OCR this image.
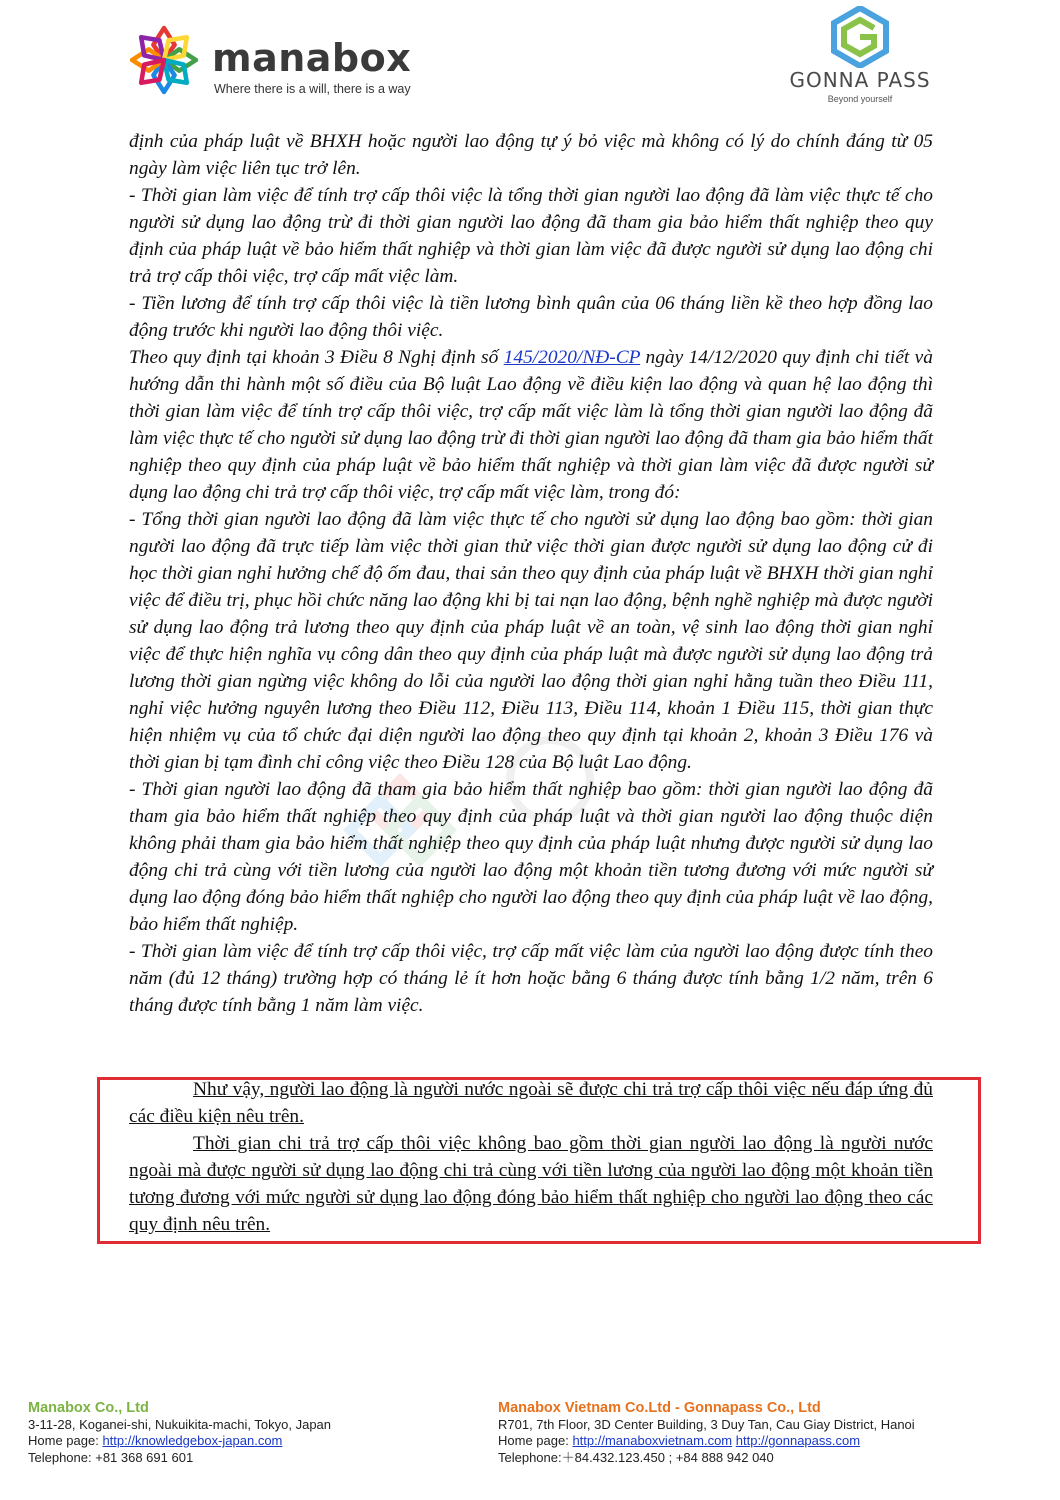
manabox
Where there is a will, there is a way	GONNA PASS
Beyond yourself

định của pháp luật về BHXH hoặc người lao động tự ý bỏ việc mà không có lý do chính đáng từ 05 ngày làm việc liên tục trở lên.

- Thời gian làm việc để tính trợ cấp thôi việc là tổng thời gian người lao động đã làm việc thực tế cho người sử dụng lao động trừ đi thời gian người lao động đã tham gia bảo hiểm thất nghiệp theo quy định của pháp luật về bảo hiểm thất nghiệp và thời gian làm việc đã được người sử dụng lao động chi trả trợ cấp thôi việc, trợ cấp mất việc làm.

- Tiền lương để tính trợ cấp thôi việc là tiền lương bình quân của 06 tháng liền kề theo hợp đồng lao động trước khi người lao động thôi việc.

Theo quy định tại khoản 3 Điều 8 Nghị định số 145/2020/NĐ-CP ngày 14/12/2020 quy định chi tiết và hướng dẫn thi hành một số điều của Bộ luật Lao động về điều kiện lao động và quan hệ lao động thì thời gian làm việc để tính trợ cấp thôi việc, trợ cấp mất việc làm là tổng thời gian người lao động đã làm việc thực tế cho người sử dụng lao động trừ đi thời gian người lao động đã tham gia bảo hiểm thất nghiệp theo quy định của pháp luật về bảo hiểm thất nghiệp và thời gian làm việc đã được người sử dụng lao động chi trả trợ cấp thôi việc, trợ cấp mất việc làm, trong đó:

- Tổng thời gian người lao động đã làm việc thực tế cho người sử dụng lao động bao gồm: thời gian người lao động đã trực tiếp làm việc thời gian thử việc thời gian được người sử dụng lao động cử đi học thời gian nghỉ hưởng chế độ ốm đau, thai sản theo quy định của pháp luật về BHXH thời gian nghỉ việc để điều trị, phục hồi chức năng lao động khi bị tai nạn lao động, bệnh nghề nghiệp mà được người sử dụng lao động trả lương theo quy định của pháp luật về an toàn, vệ sinh lao động thời gian nghỉ việc để thực hiện nghĩa vụ công dân theo quy định của pháp luật mà được người sử dụng lao động trả lương thời gian ngừng việc không do lỗi của người lao động thời gian nghỉ hằng tuần theo Điều 111, nghỉ việc hưởng nguyên lương theo Điều 112, Điều 113, Điều 114, khoản 1 Điều 115, thời gian thực hiện nhiệm vụ của tổ chức đại diện người lao động theo quy định tại khoản 2, khoản 3 Điều 176 và thời gian bị tạm đình chỉ công việc theo Điều 128 của Bộ luật Lao động.

- Thời gian người lao động đã tham gia bảo hiểm thất nghiệp bao gồm: thời gian người lao động đã tham gia bảo hiểm thất nghiệp theo quy định của pháp luật và thời gian người lao động thuộc diện không phải tham gia bảo hiểm thất nghiệp theo quy định của pháp luật nhưng được người sử dụng lao động chi trả cùng với tiền lương của người lao động một khoản tiền tương đương với mức người sử dụng lao động đóng bảo hiểm thất nghiệp cho người lao động theo quy định của pháp luật về lao động, bảo hiểm thất nghiệp.

- Thời gian làm việc để tính trợ cấp thôi việc, trợ cấp mất việc làm của người lao động được tính theo năm (đủ 12 tháng) trường hợp có tháng lẻ ít hơn hoặc bằng 6 tháng được tính bằng 1/2 năm, trên 6 tháng được tính bằng 1 năm làm việc.

Như vậy, người lao động là người nước ngoài sẽ được chi trả trợ cấp thôi việc nếu đáp ứng đủ các điều kiện nêu trên.

Thời gian chi trả trợ cấp thôi việc không bao gồm thời gian người lao động là người nước ngoài mà được người sử dụng lao động chi trả cùng với tiền lương của người lao động một khoản tiền tương đương với mức người sử dụng lao động đóng bảo hiểm thất nghiệp cho người lao động theo các quy định nêu trên.

Manabox Co., Ltd
3-11-28, Koganei-shi, Nukuikita-machi, Tokyo, Japan
Home page: http://knowledgebox-japan.com
Telephone: +81 368 691 601
Manabox Vietnam Co.Ltd - Gonnapass Co., Ltd
R701, 7th Floor, 3D Center Building, 3 Duy Tan, Cau Giay District, Hanoi
Home page: http://manaboxvietnam.com http://gonnapass.com
Telephone:＋84.432.123.450 ; +84 888 942 040
